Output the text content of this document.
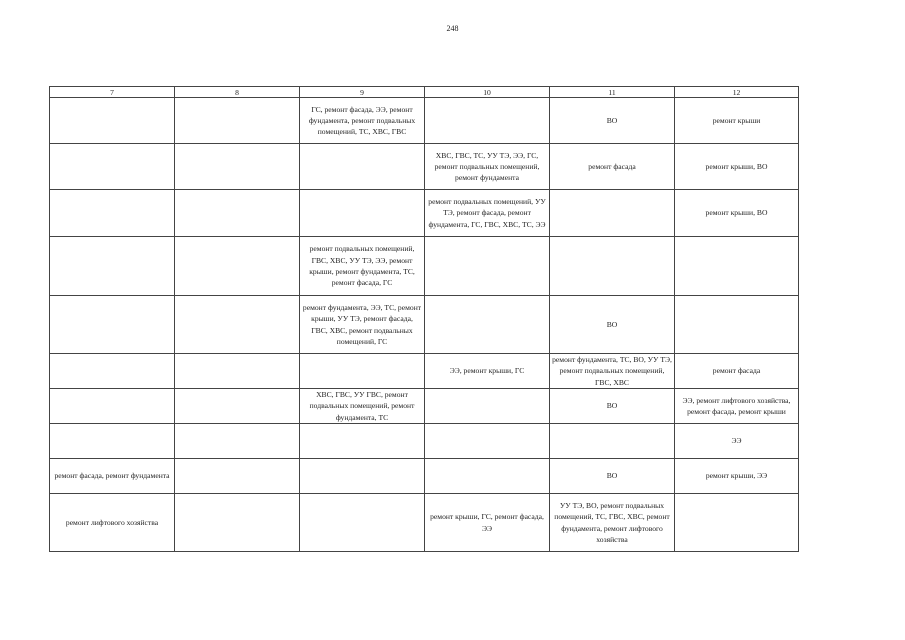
248
7	8	9	10	11	12
		ГС, ремонт фасада, ЭЭ, ремонт фундамента, ремонт подвальных помещений, ТС, ХВС, ГВС		ВО	ремонт крыши
			ХВС, ГВС, ТС, УУ ТЭ, ЭЭ, ГС, ремонт подвальных помещений, ремонт фундамента	ремонт фасада	ремонт крыши, ВО
			ремонт подвальных помещений, УУ ТЭ, ремонт фасада, ремонт фундамента, ГС, ГВС, ХВС, ТС, ЭЭ		ремонт крыши, ВО
		ремонт подвальных помещений, ГВС, ХВС, УУ ТЭ, ЭЭ, ремонт крыши, ремонт фундамента, ТС, ремонт фасада, ГС			
		ремонт фундамента, ЭЭ, ТС, ремонт крыши, УУ ТЭ, ремонт фасада, ГВС, ХВС, ремонт подвальных помещений, ГС		ВО	
			ЭЭ, ремонт крыши, ГС	ремонт фундамента, ТС, ВО, УУ ТЭ, ремонт подвальных помещений, ГВС, ХВС	ремонт фасада
		ХВС, ГВС, УУ ГВС, ремонт подвальных помещений, ремонт фундамента, ТС		ВО	ЭЭ, ремонт лифтового хозяйства, ремонт фасада, ремонт крыши
					ЭЭ
ремонт фасада, ремонт фундамента				ВО	ремонт крыши, ЭЭ
ремонт лифтового хозяйства			ремонт крыши, ГС, ремонт фасада, ЭЭ	УУ ТЭ, ВО, ремонт подвальных помещений, ТС, ГВС, ХВС, ремонт фундамента, ремонт лифтового хозяйства	
